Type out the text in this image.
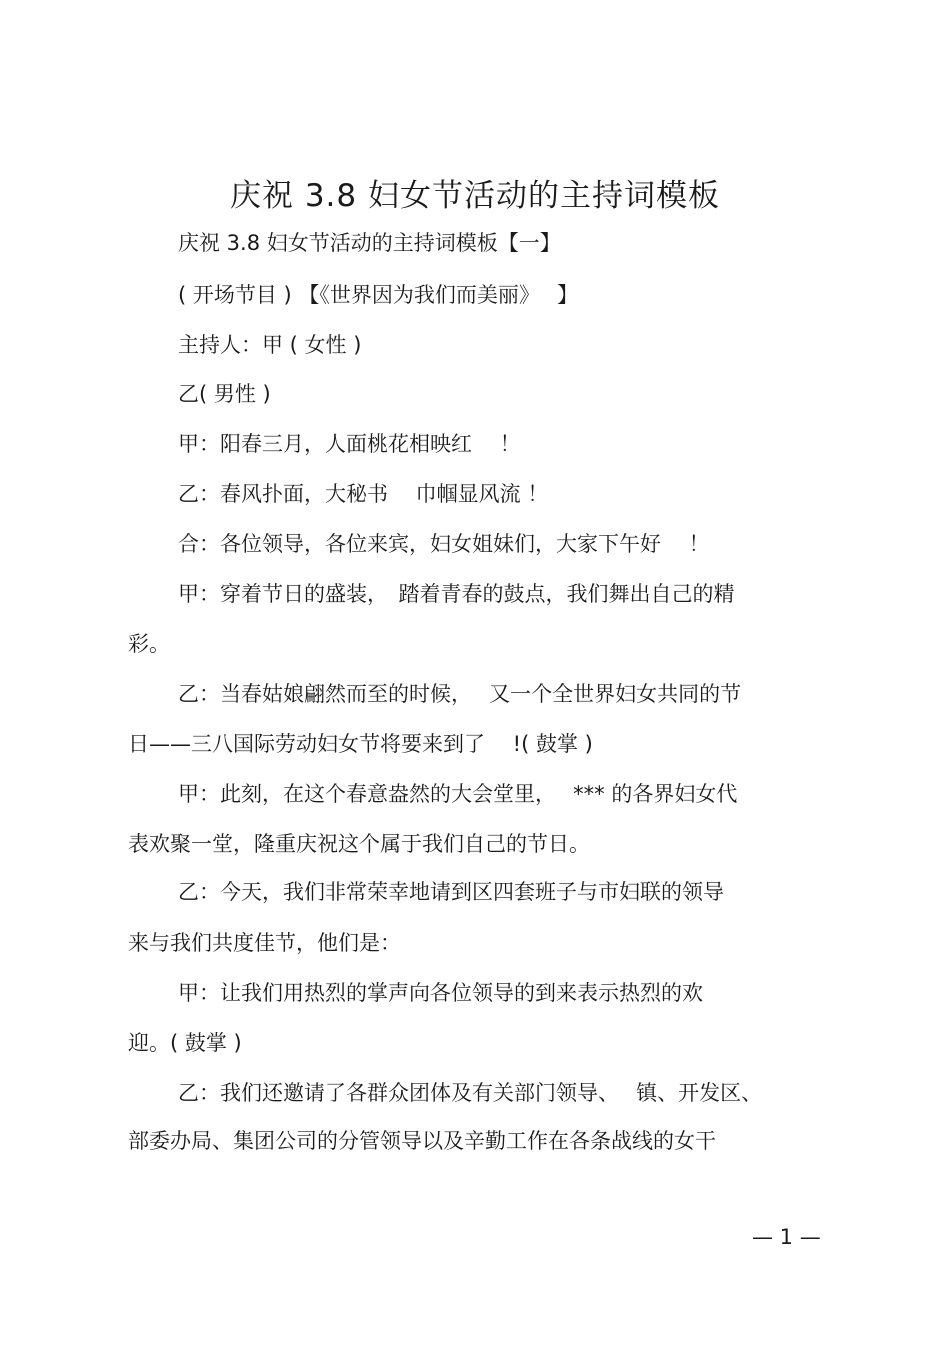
庆祝 3.8 妇女节活动的主持词模板
庆祝 3.8 妇女节活动的主持词模板【一】
( 开场节目 ) 【《世界因为我们而美丽》　 】
主持人：甲 ( 女性 )
乙( 男性 )
甲：阳春三月，人面桃花相映红　 ！
乙：春风扑面，大秘书　 巾帼显风流 ！
合：各位领导，各位来宾，妇女姐妹们，大家下午好　 ！
甲：穿着节日的盛装，　踏着青春的鼓点，我们舞出自己的精
彩。
乙：当春姑娘翩然而至的时候，　 又一个全世界妇女共同的节
日——三八国际劳动妇女节将要来到了　 !( 鼓掌 )
甲：此刻，在这个春意盎然的大会堂里，　 *** 的各界妇女代
表欢聚一堂，隆重庆祝这个属于我们自己的节日。
乙：今天，我们非常荣幸地请到区四套班子与市妇联的领导
来与我们共度佳节，他们是：
甲：让我们用热烈的掌声向各位领导的到来表示热烈的欢
迎。( 鼓掌 )
乙：我们还邀请了各群众团体及有关部门领导、　 镇、开发区、
部委办局、集团公司的分管领导以及辛勤工作在各条战线的女干
— 1 —
